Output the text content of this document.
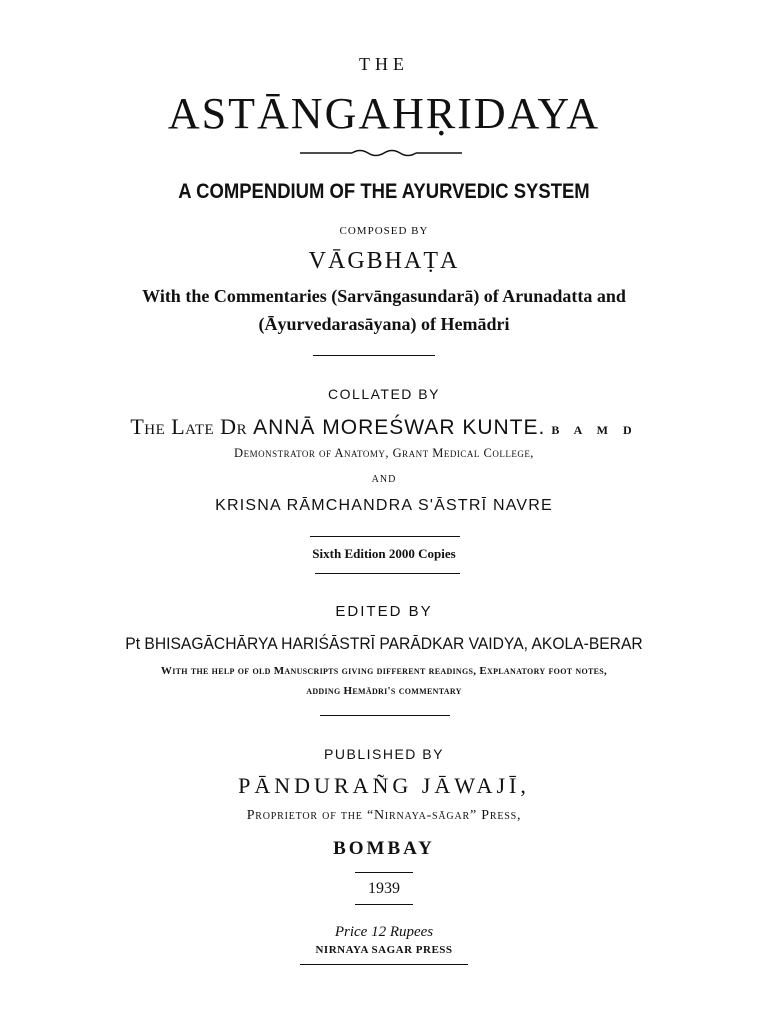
THE
ASTĀNGAHṚIDAYA
A COMPENDIUM OF THE AYURVEDIC SYSTEM
COMPOSED BY
VĀGBHAṬA
With the Commentaries (Sarvāngasundarā) of Arunadatta and
(Āyurvedarasāyana) of Hemādri
COLLATED BY
The Late Dr ANNĀ MOREŚWAR KUNTE. B A M D
Demonstrator of Anatomy, Grant Medical College,
AND
KRISNA RĀMCHANDRA S'ĀSTRĪ NAVRE
Sixth Edition 2000 Copies
EDITED BY
Pt BHISAGĀCHĀRYA HARIŚĀSTRĪ PARĀDKAR VAIDYA, AKOLA-BERAR
With the help of old Manuscripts giving different readings, Explanatory foot notes,
adding Hemādri's commentary
PUBLISHED BY
PĀNDURAÑG JĀWAJĪ,
Proprietor of the “Nirnaya-sāgar” Press,
BOMBAY
1939
Price 12 Rupees
NIRNAYA SAGAR PRESS
